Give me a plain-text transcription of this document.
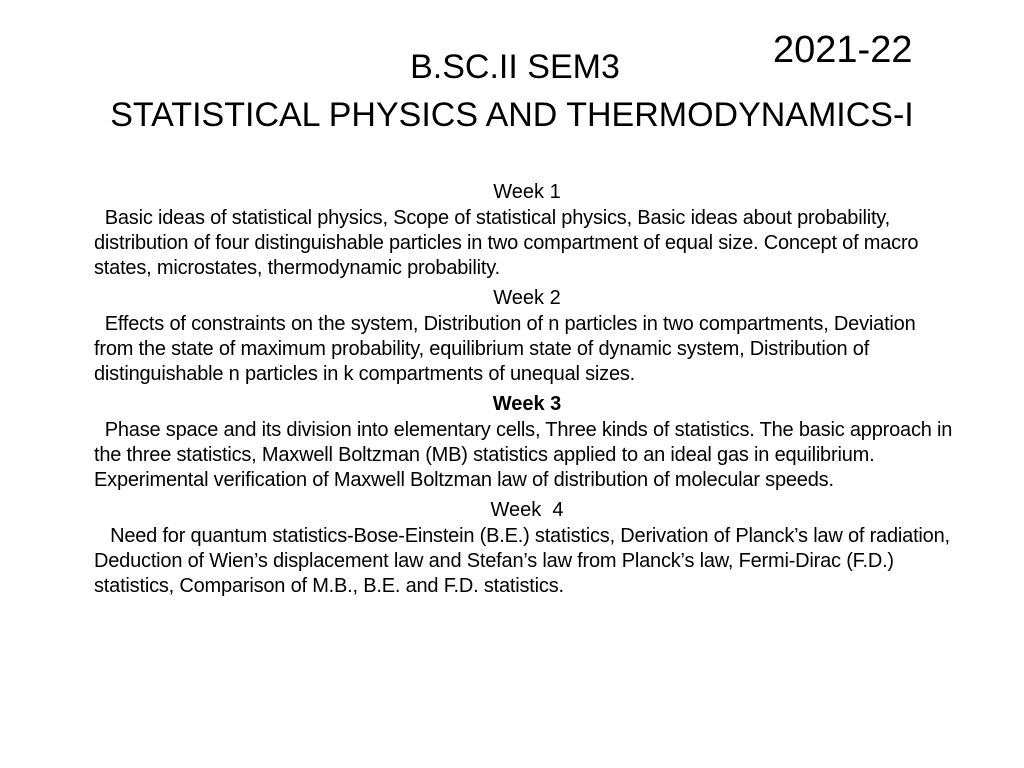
2021-22
B.SC.II SEM3
STATISTICAL PHYSICS AND THERMODYNAMICS-I
Week 1

Basic ideas of statistical physics, Scope of statistical physics, Basic ideas about probability, distribution of four distinguishable particles in two compartment of equal size. Concept of macro states, microstates, thermodynamic probability.

Week 2

Effects of constraints on the system, Distribution of n particles in two compartments, Deviation from the state of maximum probability, equilibrium state of dynamic system, Distribution of distinguishable n particles in k compartments of unequal sizes.

Week 3

Phase space and its division into elementary cells, Three kinds of statistics. The basic approach in the three statistics, Maxwell Boltzman (MB) statistics applied to an ideal gas in equilibrium. Experimental verification of Maxwell Boltzman law of distribution of molecular speeds.

Week  4

Need for quantum statistics-Bose-Einstein (B.E.) statistics, Derivation of Planck’s law of radiation, Deduction of Wien’s displacement law and Stefan’s law from Planck’s law, Fermi-Dirac (F.D.) statistics, Comparison of M.B., B.E. and F.D. statistics.
